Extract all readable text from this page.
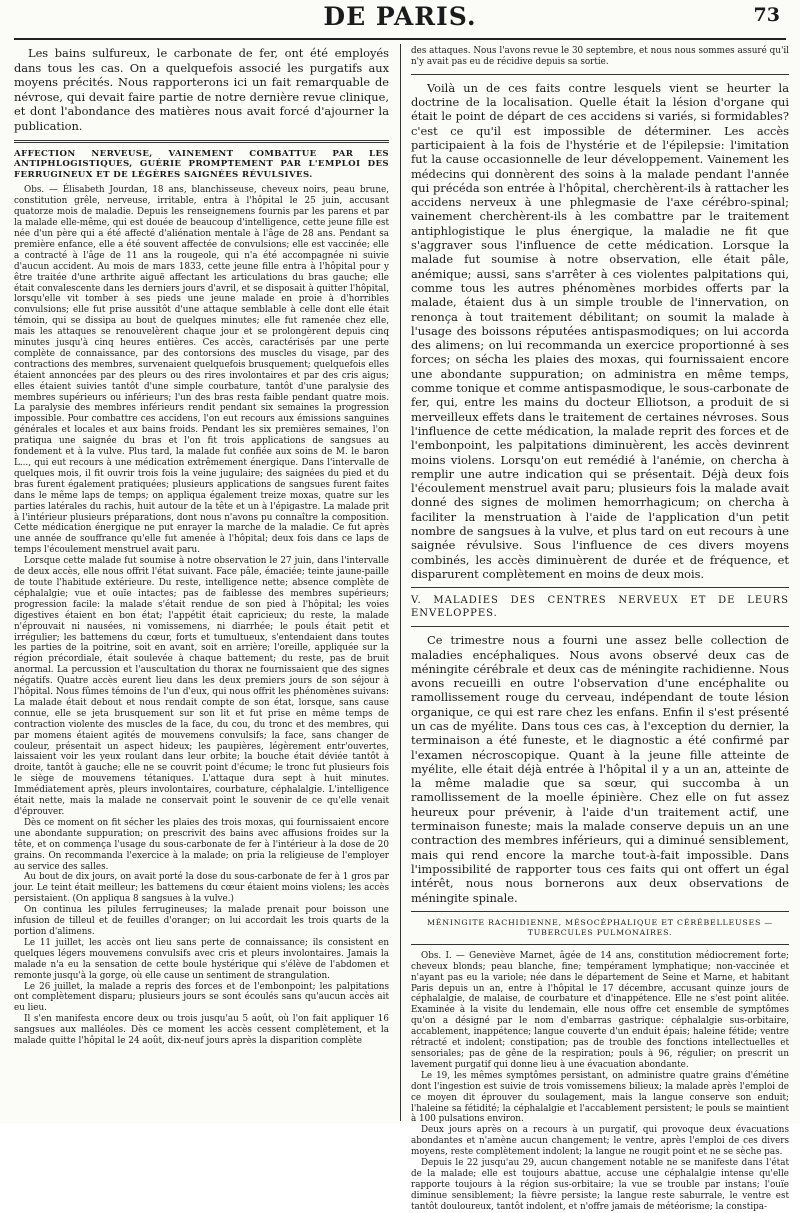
DE PARIS.	73

Les bains sulfureux, le carbonate de fer, ont été employés dans tous les cas. On a quelquefois associé les purgatifs aux moyens précités. Nous rapporterons ici un fait remarquable de névrose, qui devait faire partie de notre dernière revue clinique, et dont l'abondance des matières nous avait forcé d'ajourner la publication.

AFFECTION NERVEUSE, VAINEMENT COMBATTUE PAR LES ANTIPHLOGISTIQUES, GUÉRIE PROMPTEMENT PAR L'EMPLOI DES FERRUGINEUX ET DE LÉGÈRES SAIGNÉES RÉVULSIVES.

Obs. — Élisabeth Jourdan, 18 ans, blanchisseuse, cheveux noirs, peau brune, constitution grêle, nerveuse, irritable, entra à l'hôpital le 25 juin, accusant quatorze mois de maladie. Depuis les renseignemens fournis par les parens et par la malade elle-même, qui est douée de beaucoup d'intelligence, cette jeune fille est née d'un père qui a été affecté d'aliénation mentale à l'âge de 28 ans. Pendant sa première enfance, elle a été souvent affectée de convulsions; elle est vaccinée; elle a contracté à l'âge de 11 ans la rougeole, qui n'a été accompagnée ni suivie d'aucun accident. Au mois de mars 1833, cette jeune fille entra à l'hôpital pour y être traitée d'une arthrite aiguë affectant les articulations du bras gauche; elle était convalescente dans les derniers jours d'avril, et se disposait à quitter l'hôpital, lorsqu'elle vit tomber à ses pieds une jeune malade en proie à d'horribles convulsions; elle fut prise aussitôt d'une attaque semblable à celle dont elle était témoin, qui se dissipa au bout de quelques minutes; elle fut ramenée chez elle, mais les attaques se renouvelèrent chaque jour et se prolongèrent depuis cinq minutes jusqu'à cinq heures entières. Ces accès, caractérisés par une perte complète de connaissance, par des contorsions des muscles du visage, par des contractions des membres, survenaient quelquefois brusquement; quelquefois elles étaient annoncées par des pleurs ou des rires involontaires et par des cris aigus; elles étaient suivies tantôt d'une simple courbature, tantôt d'une paralysie des membres supérieurs ou inférieurs; l'un des bras resta faible pendant quatre mois. La paralysie des membres inférieurs rendit pendant six semaines la progression impossible. Pour combattre ces accidens, l'on eut recours aux émissions sanguines générales et locales et aux bains froids. Pendant les six premières semaines, l'on pratiqua une saignée du bras et l'on fit trois applications de sangsues au fondement et à la vulve. Plus tard, la malade fut confiée aux soins de M. le baron L..., qui eut recours à une médication extrêmement énergique. Dans l'intervalle de quelques mois, il fit ouvrir trois fois la veine jugulaire; des saignées du pied et du bras furent également pratiquées; plusieurs applications de sangsues furent faites dans le même laps de temps; on appliqua également treize moxas, quatre sur les parties latérales du rachis, huit autour de la tête et un à l'épigastre. La malade prit à l'intérieur plusieurs préparations, dont nous n'avons pu connaître la composition. Cette médication énergique ne put enrayer la marche de la maladie. Ce fut après une année de souffrance qu'elle fut amenée à l'hôpital; deux fois dans ce laps de temps l'écoulement menstruel avait paru.

Lorsque cette malade fut soumise à notre observation le 27 juin, dans l'intervalle de deux accès, elle nous offrit l'état suivant. Face pâle, émaciée; teinte jaune-paille de toute l'habitude extérieure. Du reste, intelligence nette; absence complète de céphalalgie; vue et ouïe intactes; pas de faiblesse des membres supérieurs; progression facile: la malade s'était rendue de son pied à l'hôpital; les voies digestives étaient en bon état; l'appétit était capricieux; du reste, la malade n'éprouvait ni nausées, ni vomissemens, ni diarrhée; le pouls était petit et irrégulier; les battemens du cœur, forts et tumultueux, s'entendaient dans toutes les parties de la poitrine, soit en avant, soit en arrière; l'oreille, appliquée sur la région précordiale, était soulevée à chaque battement; du reste, pas de bruit anormal. La percussion et l'auscultation du thorax ne fournissaient que des signes négatifs. Quatre accès eurent lieu dans les deux premiers jours de son séjour à l'hôpital. Nous fûmes témoins de l'un d'eux, qui nous offrit les phénomènes suivans: La malade était debout et nous rendait compte de son état, lorsque, sans cause connue, elle se jeta brusquement sur son lit et fut prise en même temps de contraction violente des muscles de la face, du cou, du tronc et des membres, qui par momens étaient agités de mouvemens convulsifs; la face, sans changer de couleur, présentait un aspect hideux; les paupières, légèrement entr'ouvertes, laissaient voir les yeux roulant dans leur orbite; la bouche était déviée tantôt à droite, tantôt à gauche; elle ne se couvrit point d'écume; le tronc fut plusieurs fois le siège de mouvemens tétaniques. L'attaque dura sept à huit minutes. Immédiatement après, pleurs involontaires, courbature, céphalalgie. L'intelligence était nette, mais la malade ne conservait point le souvenir de ce qu'elle venait d'éprouver.

Dès ce moment on fit sécher les plaies des trois moxas, qui fournissaient encore une abondante suppuration; on prescrivit des bains avec affusions froides sur la tête, et on commença l'usage du sous-carbonate de fer à l'intérieur à la dose de 20 grains. On recommanda l'exercice à la malade; on pria la religieuse de l'employer au service des salles.

Au bout de dix jours, on avait porté la dose du sous-carbonate de fer à 1 gros par jour. Le teint était meilleur; les battemens du cœur étaient moins violens; les accès persistaient. (On appliqua 8 sangsues à la vulve.)

On continua les pilules ferrugineuses; la malade prenait pour boisson une infusion de tilleul et de feuilles d'oranger; on lui accordait les trois quarts de la portion d'alimens.

Le 11 juillet, les accès ont lieu sans perte de connaissance; ils consistent en quelques légers mouvemens convulsifs avec cris et pleurs involontaires. Jamais la malade n'a eu la sensation de cette boule hystérique qui s'élève de l'abdomen et remonte jusqu'à la gorge, où elle cause un sentiment de strangulation.

Le 26 juillet, la malade a repris des forces et de l'embonpoint; les palpitations ont complètement disparu; plusieurs jours se sont écoulés sans qu'aucun accès ait eu lieu.

Il s'en manifesta encore deux ou trois jusqu'au 5 août, où l'on fait appliquer 16 sangsues aux malléoles. Dès ce moment les accès cessent complètement, et la malade quitte l'hôpital le 24 août, dix-neuf jours après la disparition complète

des attaques. Nous l'avons revue le 30 septembre, et nous nous sommes assuré qu'il n'y avait pas eu de récidive depuis sa sortie.

Voilà un de ces faits contre lesquels vient se heurter la doctrine de la localisation. Quelle était la lésion d'organe qui était le point de départ de ces accidens si variés, si formidables? c'est ce qu'il est impossible de déterminer. Les accès participaient à la fois de l'hystérie et de l'épilepsie: l'imitation fut la cause occasionnelle de leur développement. Vainement les médecins qui donnèrent des soins à la malade pendant l'année qui précéda son entrée à l'hôpital, cherchèrent-ils à rattacher les accidens nerveux à une phlegmasie de l'axe cérébro-spinal; vainement cherchèrent-ils à les combattre par le traitement antiphlogistique le plus énergique, la maladie ne fit que s'aggraver sous l'influence de cette médication. Lorsque la malade fut soumise à notre observation, elle était pâle, anémique; aussi, sans s'arrêter à ces violentes palpitations qui, comme tous les autres phénomènes morbides offerts par la malade, étaient dus à un simple trouble de l'innervation, on renonça à tout traitement débilitant; on soumit la malade à l'usage des boissons réputées antispasmodiques; on lui accorda des alimens; on lui recommanda un exercice proportionné à ses forces; on sécha les plaies des moxas, qui fournissaient encore une abondante suppuration; on administra en même temps, comme tonique et comme antispasmodique, le sous-carbonate de fer, qui, entre les mains du docteur Elliotson, a produit de si merveilleux effets dans le traitement de certaines névroses. Sous l'influence de cette médication, la malade reprit des forces et de l'embonpoint, les palpitations diminuèrent, les accès devinrent moins violens. Lorsqu'on eut remédié à l'anémie, on chercha à remplir une autre indication qui se présentait. Déjà deux fois l'écoulement menstruel avait paru; plusieurs fois la malade avait donné des signes de molimen hemorrhagicum; on chercha à faciliter la menstruation à l'aide de l'application d'un petit nombre de sangsues à la vulve, et plus tard on eut recours à une saignée révulsive. Sous l'influence de ces divers moyens combinés, les accès diminuèrent de durée et de fréquence, et disparurent complètement en moins de deux mois.

V. MALADIES DES CENTRES NERVEUX ET DE LEURS ENVELOPPES.

Ce trimestre nous a fourni une assez belle collection de maladies encéphaliques. Nous avons observé deux cas de méningite cérébrale et deux cas de méningite rachidienne. Nous avons recueilli en outre l'observation d'une encéphalite ou ramollissement rouge du cerveau, indépendant de toute lésion organique, ce qui est rare chez les enfans. Enfin il s'est présenté un cas de myélite. Dans tous ces cas, à l'exception du dernier, la terminaison a été funeste, et le diagnostic a été confirmé par l'examen nécroscopique. Quant à la jeune fille atteinte de myélite, elle était déjà entrée à l'hôpital il y a un an, atteinte de la même maladie que sa sœur, qui succomba à un ramollissement de la moelle épinière. Chez elle on fut assez heureux pour prévenir, à l'aide d'un traitement actif, une terminaison funeste; mais la malade conserve depuis un an une contraction des membres inférieurs, qui a diminué sensiblement, mais qui rend encore la marche tout-à-fait impossible. Dans l'impossibilité de rapporter tous ces faits qui ont offert un égal intérêt, nous nous bornerons aux deux observations de méningite spinale.

MÉNINGITE RACHIDIENNE, MÉSOCÉPHALIQUE ET CÉRÉBELLEUSES — TUBERCULES PULMONAIRES.

Obs. I. — Geneviève Marnet, âgée de 14 ans, constitution médiocrement forte; cheveux blonds; peau blanche, fine; tempérament lymphatique; non-vaccinée et n'ayant pas eu la variole; née dans le département de Seine et Marne, et habitant Paris depuis un an, entre à l'hôpital le 17 décembre, accusant quinze jours de céphalalgie, de malaise, de courbature et d'inappétence. Elle ne s'est point alitée. Examinée à la visite du lendemain, elle nous offre cet ensemble de symptômes qu'on a désigné par le nom d'embarras gastrique: céphalalgie sus-orbitaire, accablement, inappétence; langue couverte d'un enduit épais; haleine fétide; ventre rétracté et indolent; constipation; pas de trouble des fonctions intellectuelles et sensoriales; pas de gêne de la respiration; pouls à 96, régulier; on prescrit un lavement purgatif qui donne lieu à une évacuation abondante.

Le 19, les mêmes symptômes persistant, on administre quatre grains d'émétine dont l'ingestion est suivie de trois vomissemens bilieux; la malade après l'emploi de ce moyen dit éprouver du soulagement, mais la langue conserve son enduit; l'haleine sa fétidité; la céphalalgie et l'accablement persistent; le pouls se maintient à 100 pulsations environ.

Deux jours après on a recours à un purgatif, qui provoque deux évacuations abondantes et n'amène aucun changement; le ventre, après l'emploi de ces divers moyens, reste complètement indolent; la langue ne rougit point et ne se sèche pas.

Depuis le 22 jusqu'au 29, aucun changement notable ne se manifeste dans l'état de la malade; elle est toujours abattue, accuse une céphalalgie intense qu'elle rapporte toujours à la région sus-orbitaire; la vue se trouble par instans; l'ouïe diminue sensiblement; la fièvre persiste; la langue reste saburrale, le ventre est tantôt douloureux, tantôt indolent, et n'offre jamais de météorisme; la constipa-
